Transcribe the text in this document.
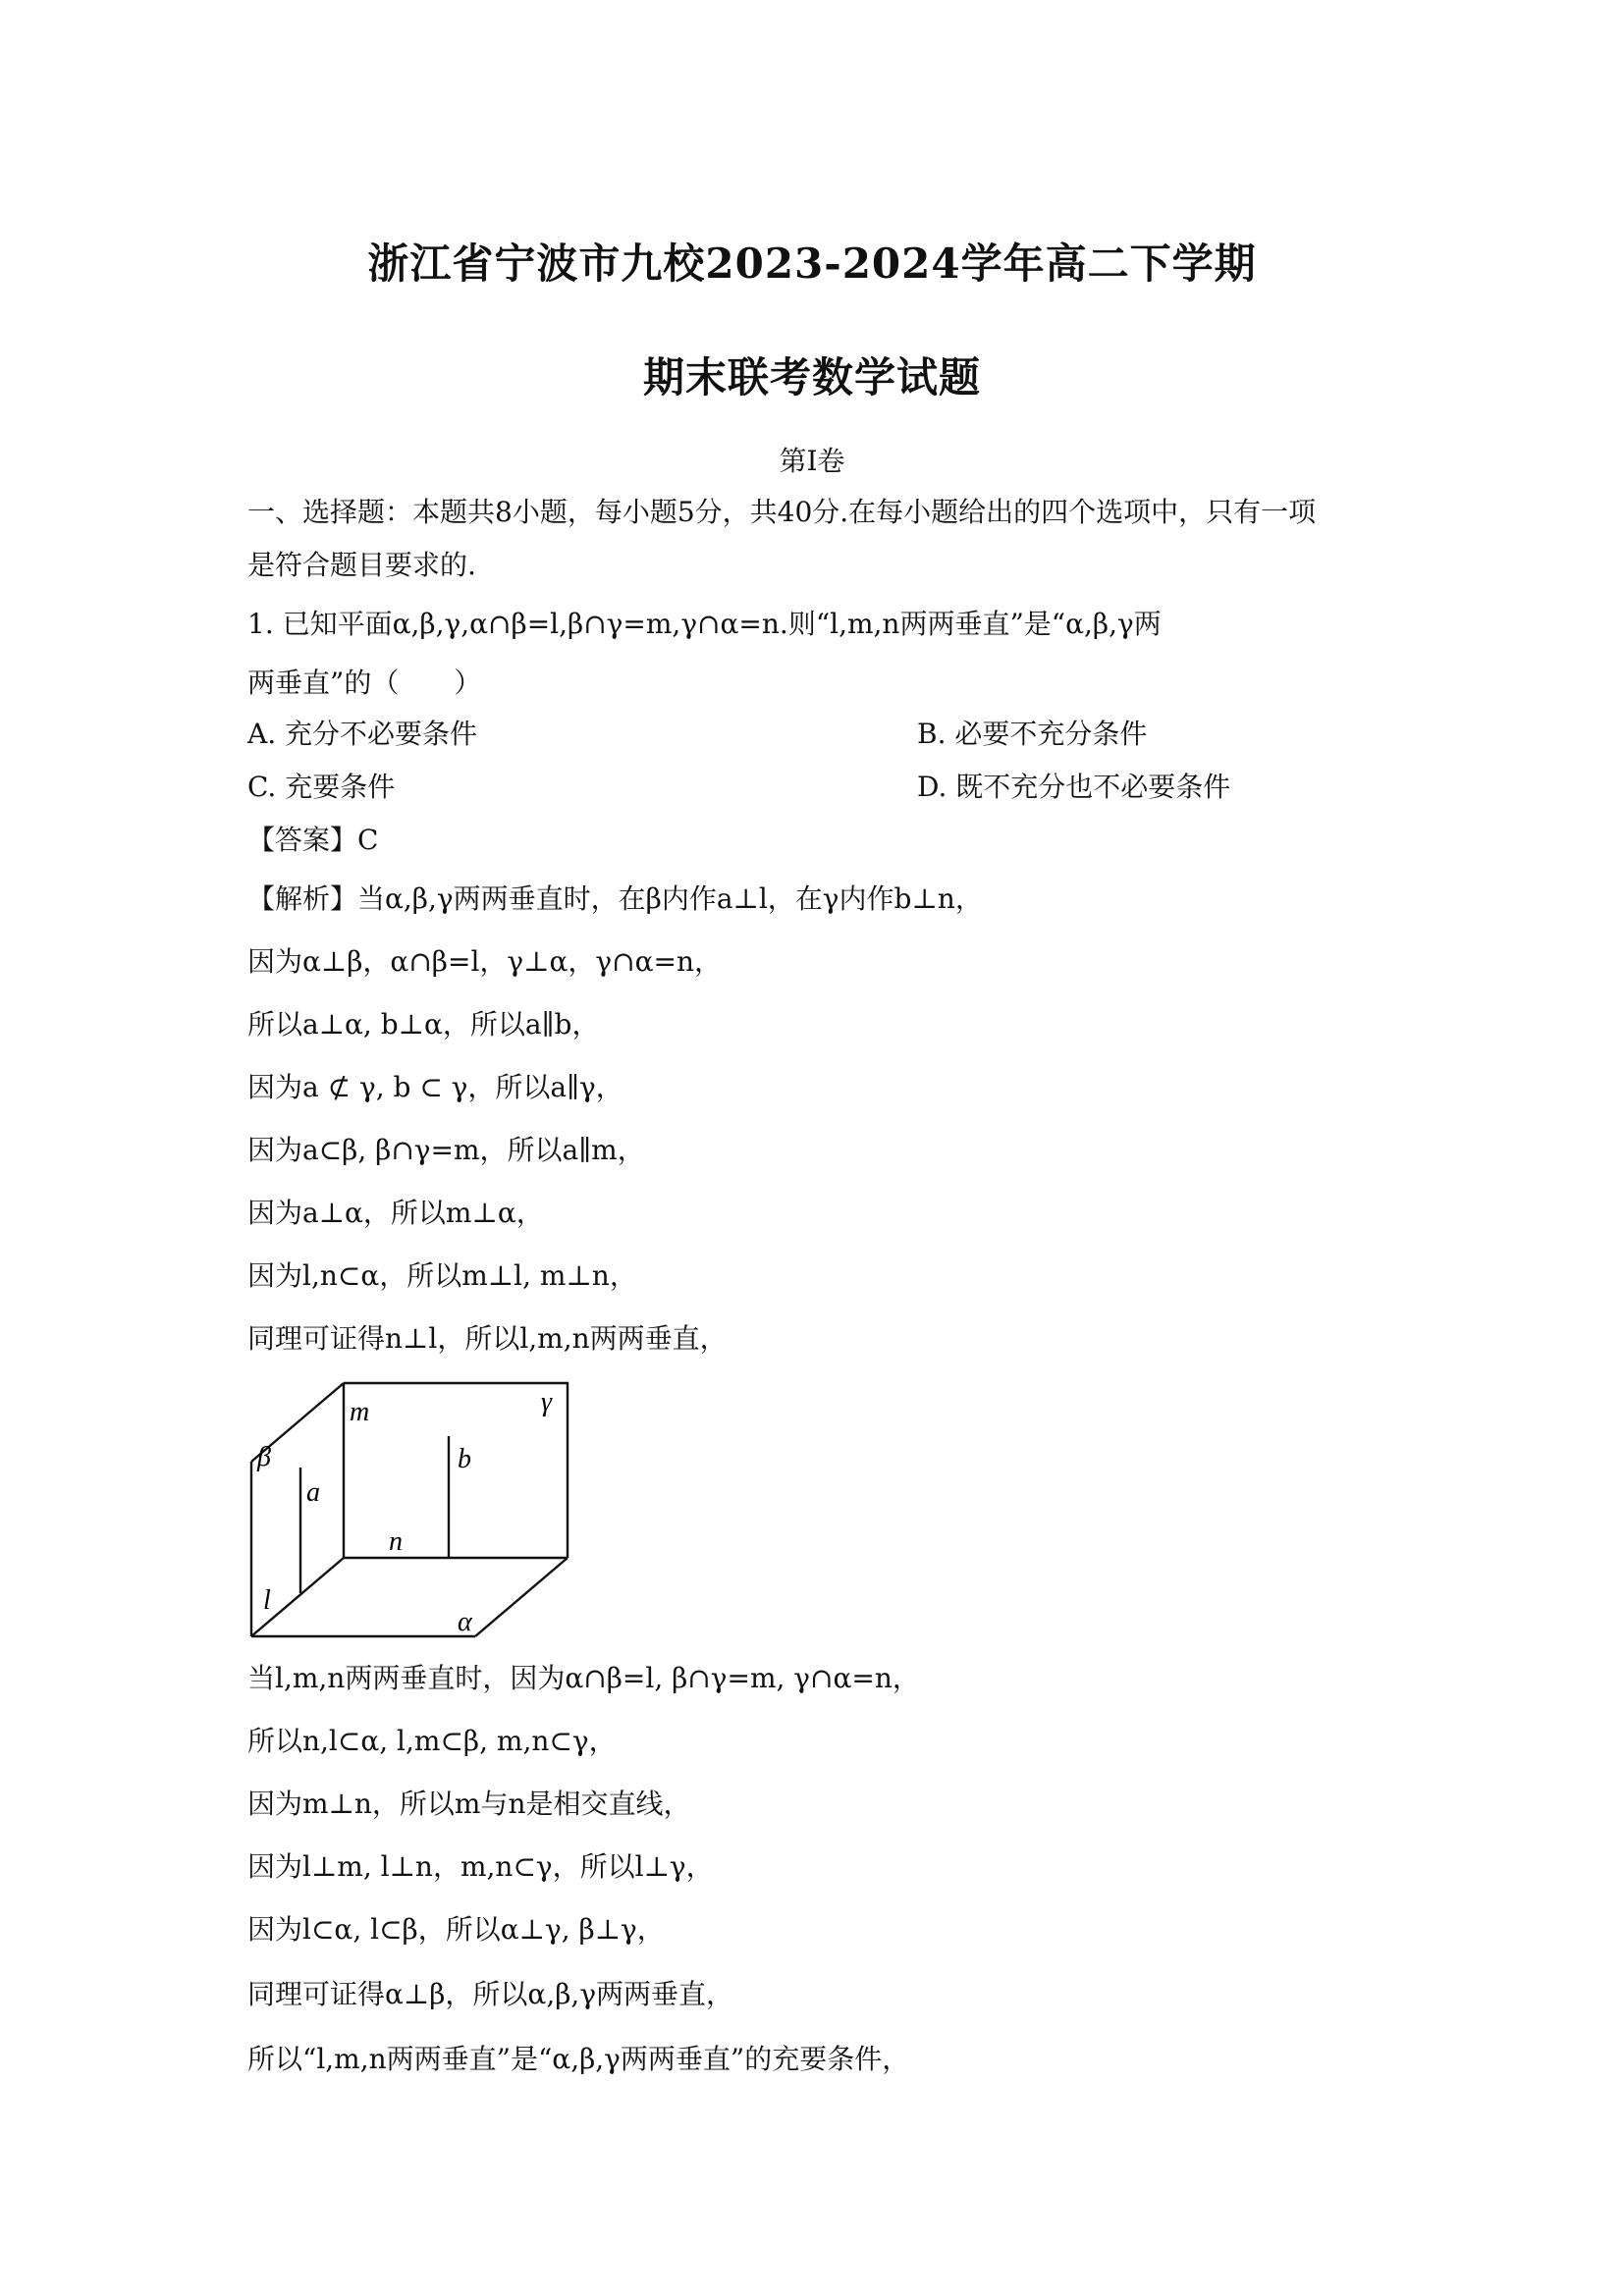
浙江省宁波市九校2023-2024学年高二下学期
期末联考数学试题
第I卷
一、选择题：本题共8小题，每小题5分，共40分.在每小题给出的四个选项中，只有一项
是符合题目要求的.
1. 已知平面α,β,γ,α∩β=l,β∩γ=m,γ∩α=n.则“l,m,n两两垂直”是“α,β,γ两
两垂直”的（　　）
A. 充分不必要条件	B. 必要不充分条件
C. 充要条件	D. 既不充分也不必要条件
【答案】C
【解析】当α,β,γ两两垂直时，在β内作a⊥l，在γ内作b⊥n，
因为α⊥β，α∩β=l，γ⊥α，γ∩α=n，
所以a⊥α, b⊥α，所以a∥b，
因为a ⊄ γ, b ⊂ γ，所以a∥γ，
因为a⊂β, β∩γ=m，所以a∥m，
因为a⊥α，所以m⊥α，
因为l,n⊂α，所以m⊥l, m⊥n，
同理可证得n⊥l，所以l,m,n两两垂直，
m	γ
β	b
a
n
l
α
当l,m,n两两垂直时，因为α∩β=l, β∩γ=m, γ∩α=n，
所以n,l⊂α, l,m⊂β, m,n⊂γ，
因为m⊥n，所以m与n是相交直线，
因为l⊥m, l⊥n，m,n⊂γ，所以l⊥γ，
因为l⊂α, l⊂β，所以α⊥γ, β⊥γ，
同理可证得α⊥β，所以α,β,γ两两垂直，
所以“l,m,n两两垂直”是“α,β,γ两两垂直”的充要条件，
